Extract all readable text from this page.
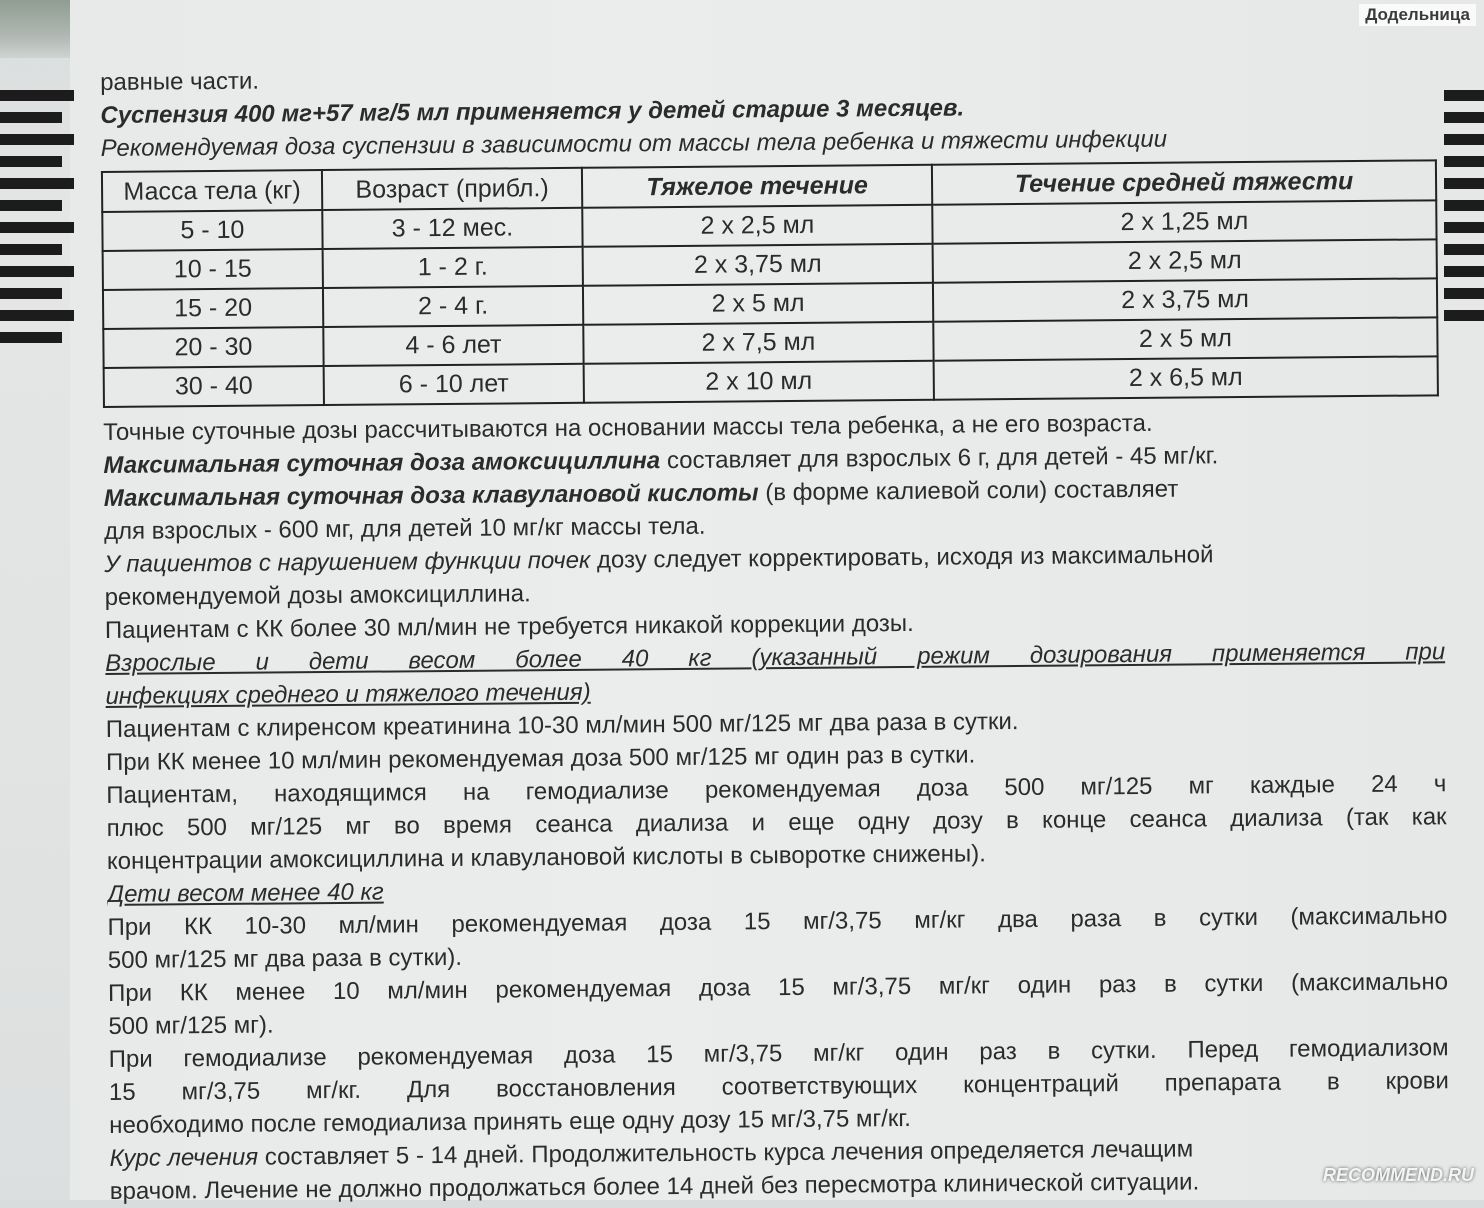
Додельница
равные части.
Суспензия 400 мг+57 мг/5 мл применяется у детей старше 3 месяцев.
Рекомендуемая доза суспензии в зависимости от массы тела ребенка и тяжести инфекции
Масса тела (кг)	Возраст (прибл.)	Тяжелое течение	Течение средней тяжести
5 - 10	3 - 12 мес.	2 х 2,5 мл	2 х 1,25 мл
10 - 15	1 - 2 г.	2 х 3,75 мл	2 х 2,5 мл
15 - 20	2 - 4 г.	2 х 5 мл	2 х 3,75 мл
20 - 30	4 - 6 лет	2 х 7,5 мл	2 х 5 мл
30 - 40	6 - 10 лет	2 х 10 мл	2 х 6,5 мл
Точные суточные дозы рассчитываются на основании массы тела ребенка, а не его возраста.
Максимальная суточная доза амоксициллина составляет для взрослых 6 г, для детей - 45 мг/кг.
Максимальная суточная доза клавулановой кислоты (в форме калиевой соли) составляет
для взрослых - 600 мг, для детей 10 мг/кг массы тела.
У пациентов с нарушением функции почек дозу следует корректировать, исходя из максимальной
рекомендуемой дозы амоксициллина.
Пациентам с КК более 30 мл/мин не требуется никакой коррекции дозы.
Взрослые и дети весом более 40 кг (указанный режим дозирования применяется при
инфекциях среднего и тяжелого течения)
Пациентам с клиренсом креатинина 10-30 мл/мин 500 мг/125 мг два раза в сутки.
При КК менее 10 мл/мин рекомендуемая доза 500 мг/125 мг один раз в сутки.
Пациентам, находящимся на гемодиализе рекомендуемая доза 500 мг/125 мг каждые 24 ч
плюс 500 мг/125 мг во время сеанса диализа и еще одну дозу в конце сеанса диализа (так как
концентрации амоксициллина и клавулановой кислоты в сыворотке снижены).
Дети весом менее 40 кг
При КК 10-30 мл/мин рекомендуемая доза 15 мг/3,75 мг/кг два раза в сутки (максимально
500 мг/125 мг два раза в сутки).
При КК менее 10 мл/мин рекомендуемая доза 15 мг/3,75 мг/кг один раз в сутки (максимально
500 мг/125 мг).
При гемодиализе рекомендуемая доза 15 мг/3,75 мг/кг один раз в сутки. Перед гемодиализом
15 мг/3,75 мг/кг. Для восстановления соответствующих концентраций препарата в крови
необходимо после гемодиализа принять еще одну дозу 15 мг/3,75 мг/кг.
Курс лечения составляет 5 - 14 дней. Продолжительность курса лечения определяется лечащим
врачом. Лечение не должно продолжаться более 14 дней без пересмотра клинической ситуации.	RECOMMEND.RU
